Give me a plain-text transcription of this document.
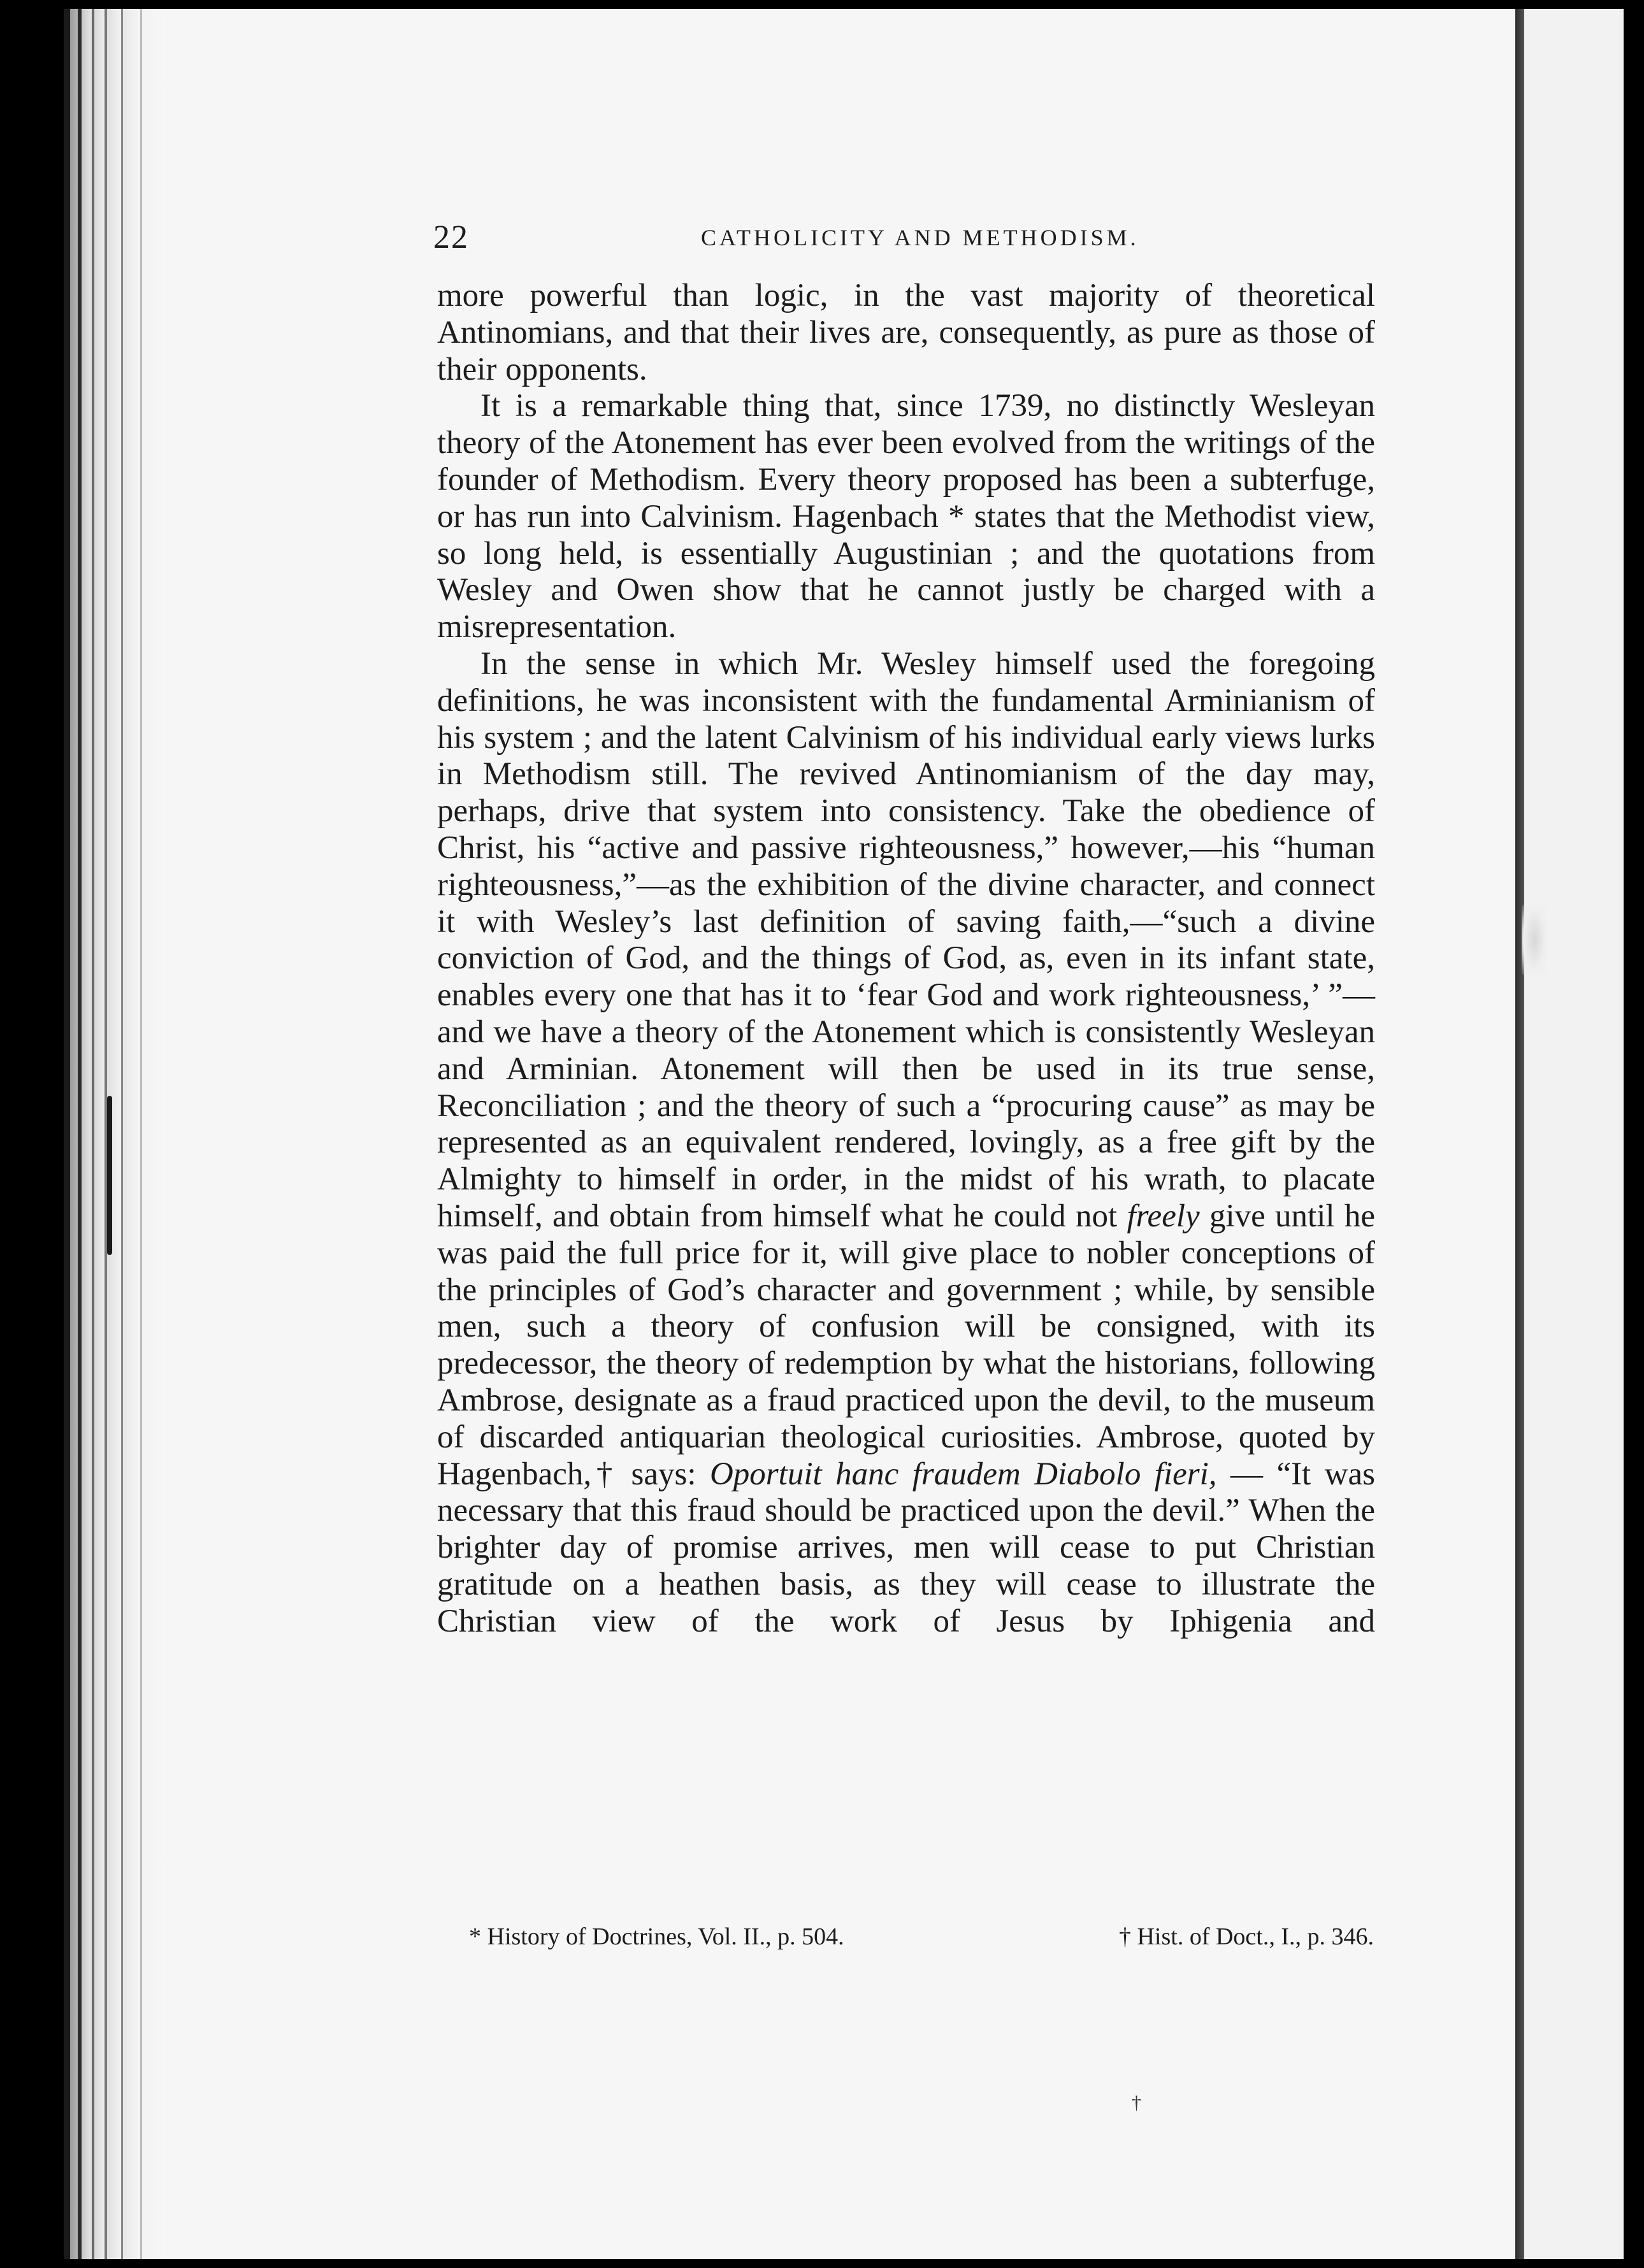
22	CATHOLICITY AND METHODISM.

more powerful than logic, in the vast majority of theoretical Antinomians, and that their lives are, consequently, as pure as those of their opponents.

It is a remarkable thing that, since 1739, no distinctly Wesleyan theory of the Atonement has ever been evolved from the writings of the founder of Methodism. Every theory proposed has been a subterfuge, or has run into Calvinism. Hagenbach * states that the Methodist view, so long held, is essentially Augustinian ; and the quotations from Wesley and Owen show that he cannot justly be charged with a misrepresentation.

In the sense in which Mr. Wesley himself used the foregoing definitions, he was inconsistent with the fundamental Arminianism of his system ; and the latent Calvinism of his individual early views lurks in Methodism still. The revived Antinomianism of the day may, perhaps, drive that system into consistency. Take the obedience of Christ, his “active and passive righteousness,” however,—his “human righteousness,”—as the exhibition of the divine character, and connect it with Wesley’s last definition of saving faith,—“such a divine conviction of God, and the things of God, as, even in its infant state, enables every one that has it to ‘fear God and work righteousness,’ ”—and we have a theory of the Atonement which is consistently Wesleyan and Arminian. Atonement will then be used in its true sense, Reconciliation ; and the theory of such a “procuring cause” as may be represented as an equivalent rendered, lovingly, as a free gift by the Almighty to himself in order, in the midst of his wrath, to placate himself, and obtain from himself what he could not freely give until he was paid the full price for it, will give place to nobler conceptions of the principles of God’s character and government ; while, by sensible men, such a theory of confusion will be consigned, with its predecessor, the theory of redemption by what the historians, following Ambrose, designate as a fraud practiced upon the devil, to the museum of discarded antiquarian theological curiosities. Ambrose, quoted by Hagenbach,† says: Oportuit hanc fraudem Diabolo fieri, — “It was necessary that this fraud should be practiced upon the devil.” When the brighter day of promise arrives, men will cease to put Christian gratitude on a heathen basis, as they will cease to illustrate the Christian view of the work of Jesus by Iphigenia and

* History of Doctrines, Vol. II., p. 504.	† Hist. of Doct., I., p. 346.
†
